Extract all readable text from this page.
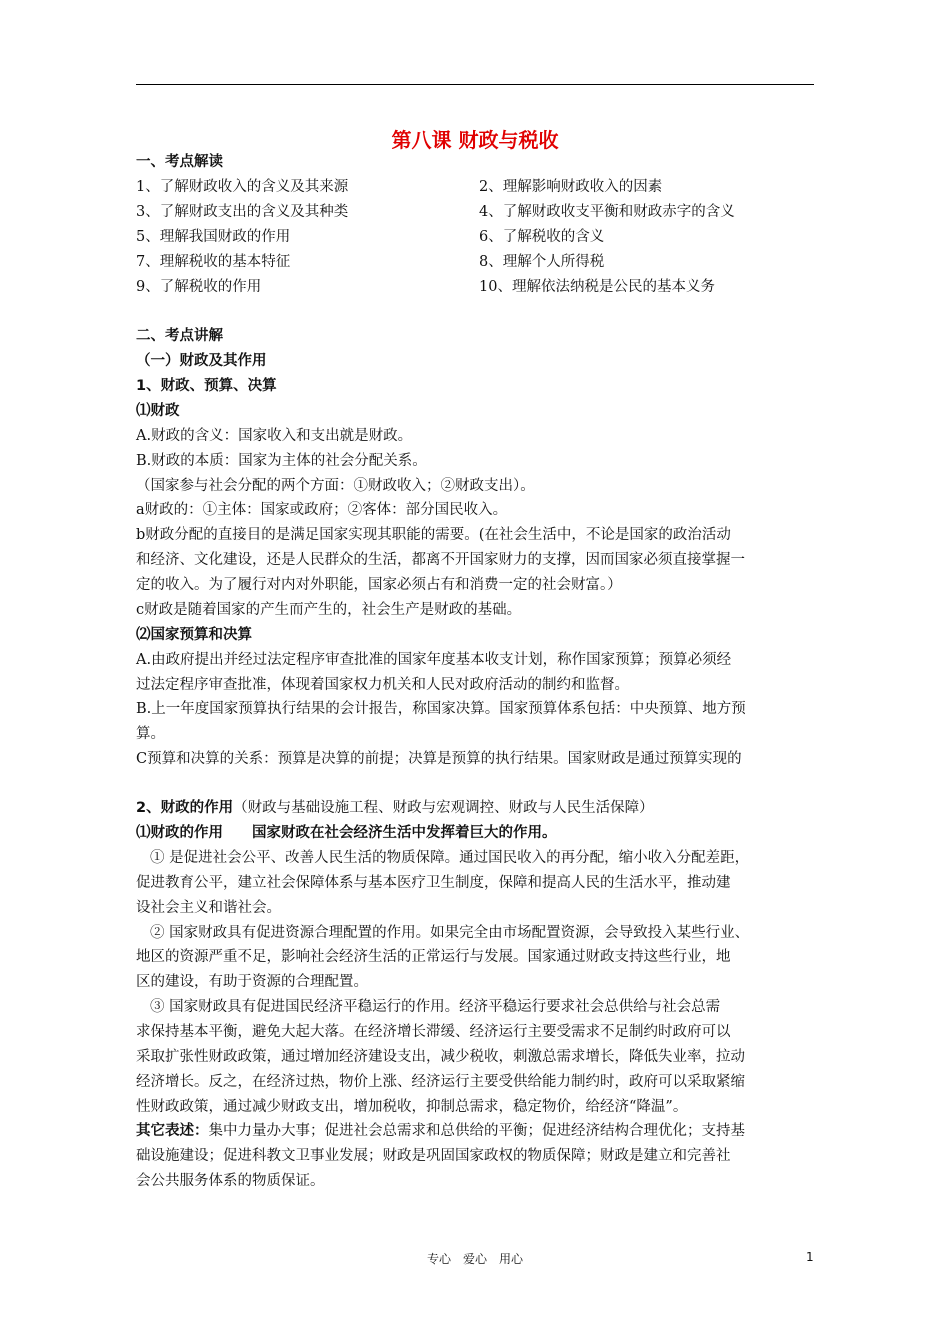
第八课 财政与税收
一、考点解读
1、了解财政收入的含义及其来源	2、理解影响财政收入的因素
3、了解财政支出的含义及其种类	4、了解财政收支平衡和财政赤字的含义
5、理解我国财政的作用	6、了解税收的含义
7、理解税收的基本特征	8、理解个人所得税
9、了解税收的作用	10、理解依法纳税是公民的基本义务
二、考点讲解
（一）财政及其作用
1、财政、预算、决算
⑴财政
A.财政的含义：国家收入和支出就是财政。
B.财政的本质：国家为主体的社会分配关系。
（国家参与社会分配的两个方面：①财政收入；②财政支出）。
a财政的：①主体：国家或政府；②客体：部分国民收入。
b财政分配的直接目的是满足国家实现其职能的需要。(在社会生活中，不论是国家的政治活动
和经济、文化建设，还是人民群众的生活，都离不开国家财力的支撑，因而国家必须直接掌握一
定的收入。为了履行对内对外职能，国家必须占有和消费一定的社会财富。）
c财政是随着国家的产生而产生的，社会生产是财政的基础。
⑵国家预算和决算
A.由政府提出并经过法定程序审查批准的国家年度基本收支计划，称作国家预算；预算必须经
过法定程序审查批准，体现着国家权力机关和人民对政府活动的制约和监督。
B.上一年度国家预算执行结果的会计报告，称国家决算。国家预算体系包括：中央预算、地方预
算。
C预算和决算的关系：预算是决算的前提；决算是预算的执行结果。国家财政是通过预算实现的
2、财政的作用（财政与基础设施工程、财政与宏观调控、财政与人民生活保障）
⑴财政的作用　　国家财政在社会经济生活中发挥着巨大的作用。
① 是促进社会公平、改善人民生活的物质保障。通过国民收入的再分配，缩小收入分配差距，
促进教育公平，建立社会保障体系与基本医疗卫生制度，保障和提高人民的生活水平，推动建
设社会主义和谐社会。
② 国家财政具有促进资源合理配置的作用。如果完全由市场配置资源，会导致投入某些行业、
地区的资源严重不足，影响社会经济生活的正常运行与发展。国家通过财政支持这些行业，地
区的建设，有助于资源的合理配置。
③ 国家财政具有促进国民经济平稳运行的作用。经济平稳运行要求社会总供给与社会总需
求保持基本平衡，避免大起大落。在经济增长滞缓、经济运行主要受需求不足制约时政府可以
采取扩张性财政政策，通过增加经济建设支出，减少税收，刺激总需求增长，降低失业率，拉动
经济增长。反之，在经济过热，物价上涨、经济运行主要受供给能力制约时，政府可以采取紧缩
性财政政策，通过减少财政支出，增加税收，抑制总需求，稳定物价，给经济“降温”。
其它表述：集中力量办大事；促进社会总需求和总供给的平衡；促进经济结构合理优化；支持基
础设施建设；促进科教文卫事业发展；财政是巩固国家政权的物质保障；财政是建立和完善社
会公共服务体系的物质保证。
专心　爱心　用心	1
